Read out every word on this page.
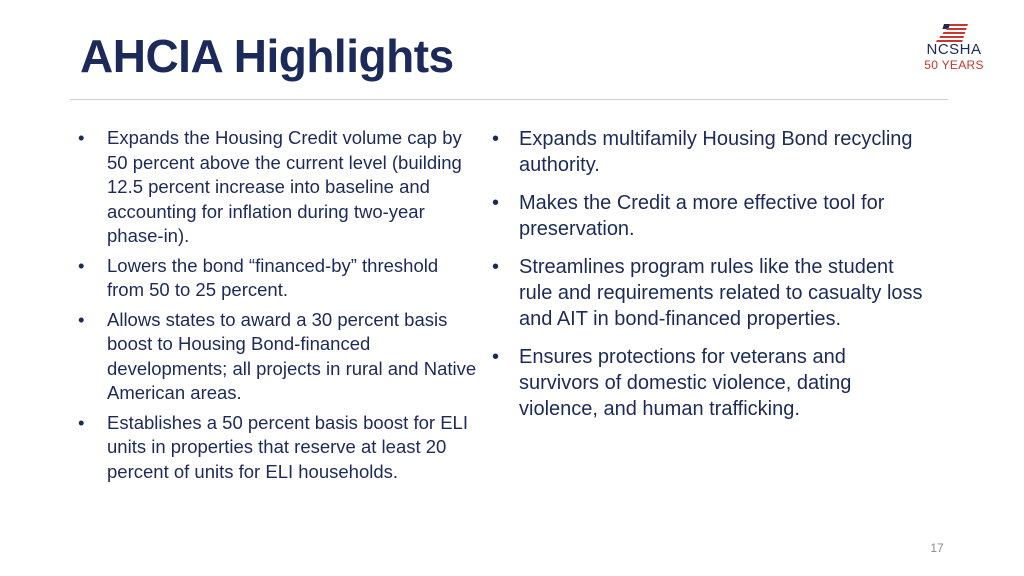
AHCIA Highlights	NCSHA
50 YEARS
•	Expands the Housing Credit volume cap by 50 percent above the current level (building 12.5 percent increase into baseline and accounting for inflation during two-year phase-in).
•	Lowers the bond “financed-by” threshold from 50 to 25 percent.
•	Allows states to award a 30 percent basis boost to Housing Bond-financed developments; all projects in rural and Native American areas.
•	Establishes a 50 percent basis boost for ELI units in properties that reserve at least 20 percent of units for ELI households.
• Expands multifamily Housing Bond recycling authority.
• Makes the Credit a more effective tool for preservation.
• Streamlines program rules like the student rule and requirements related to casualty loss and AIT in bond-financed properties.
• Ensures protections for veterans and survivors of domestic violence, dating violence, and human trafficking.
17
